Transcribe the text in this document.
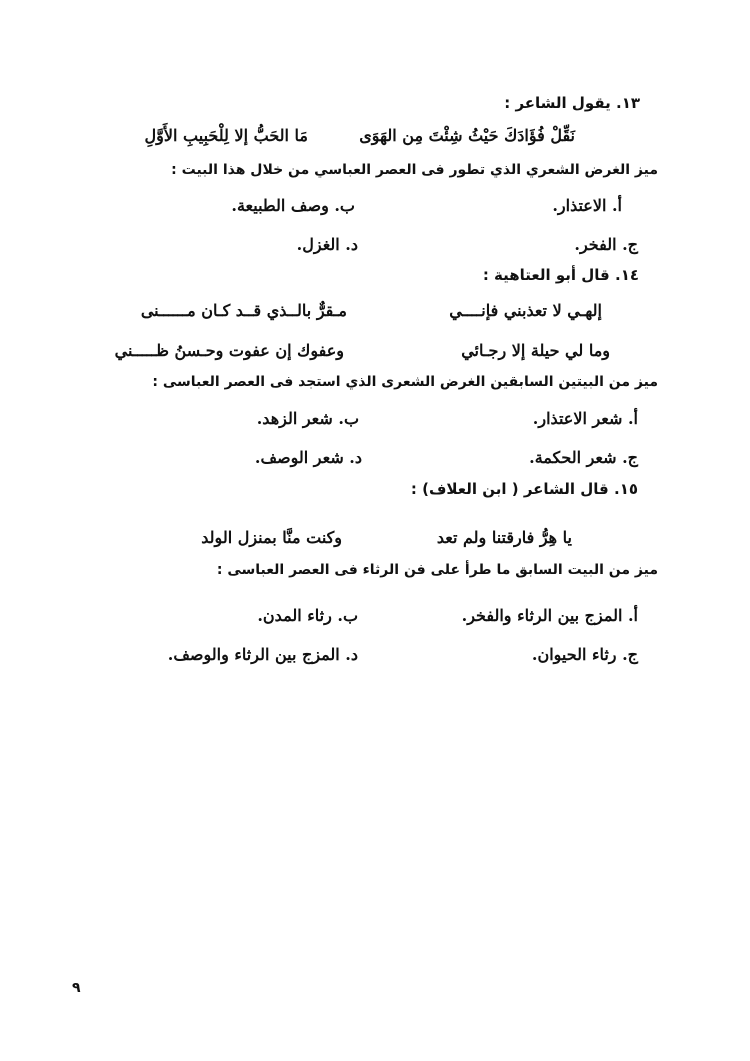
١٣. يقول الشاعر :
نَقِّلْ فُؤَادَكَ حَيْثُ شِئْتَ مِن الهَوَى
مَا الحَبُّ إلا لِلْحَبِيبِ الأَوَّلِ
ميز الغرض الشعري الذي تطور فى العصر العباسي من خلال هذا البيت :
أ. الاعتذار.
ب. وصف الطبيعة.
ج. الفخر.
د. الغزل.
١٤. قال أبو العتاهية :
إلهـي لا تعذبني فإنــــي
مـقرٌّ بالــذي قــد كـان مــــــنى
وما لي حيلة إلا رجـائي
وعفوك إن عفوت وحـسنُ ظـــــني
ميز من البيتين السابقين الغرض الشعرى الذي استجد فى العصر العباسى :
أ. شعر الاعتذار.
ب. شعر الزهد.
ج. شعر الحكمة.
د. شعر الوصف.
١٥. قال الشاعر ( ابن العلاف) :
يا هِرُّ فارقتنا ولم تعد
وكنت منَّا بمنزل الولد
ميز من البيت السابق ما طرأ على فن الرثاء فى العصر العباسى :
أ. المزج بين الرثاء والفخر.
ب. رثاء المدن.
ج. رثاء الحيوان.
د. المزج بين الرثاء والوصف.
٩
